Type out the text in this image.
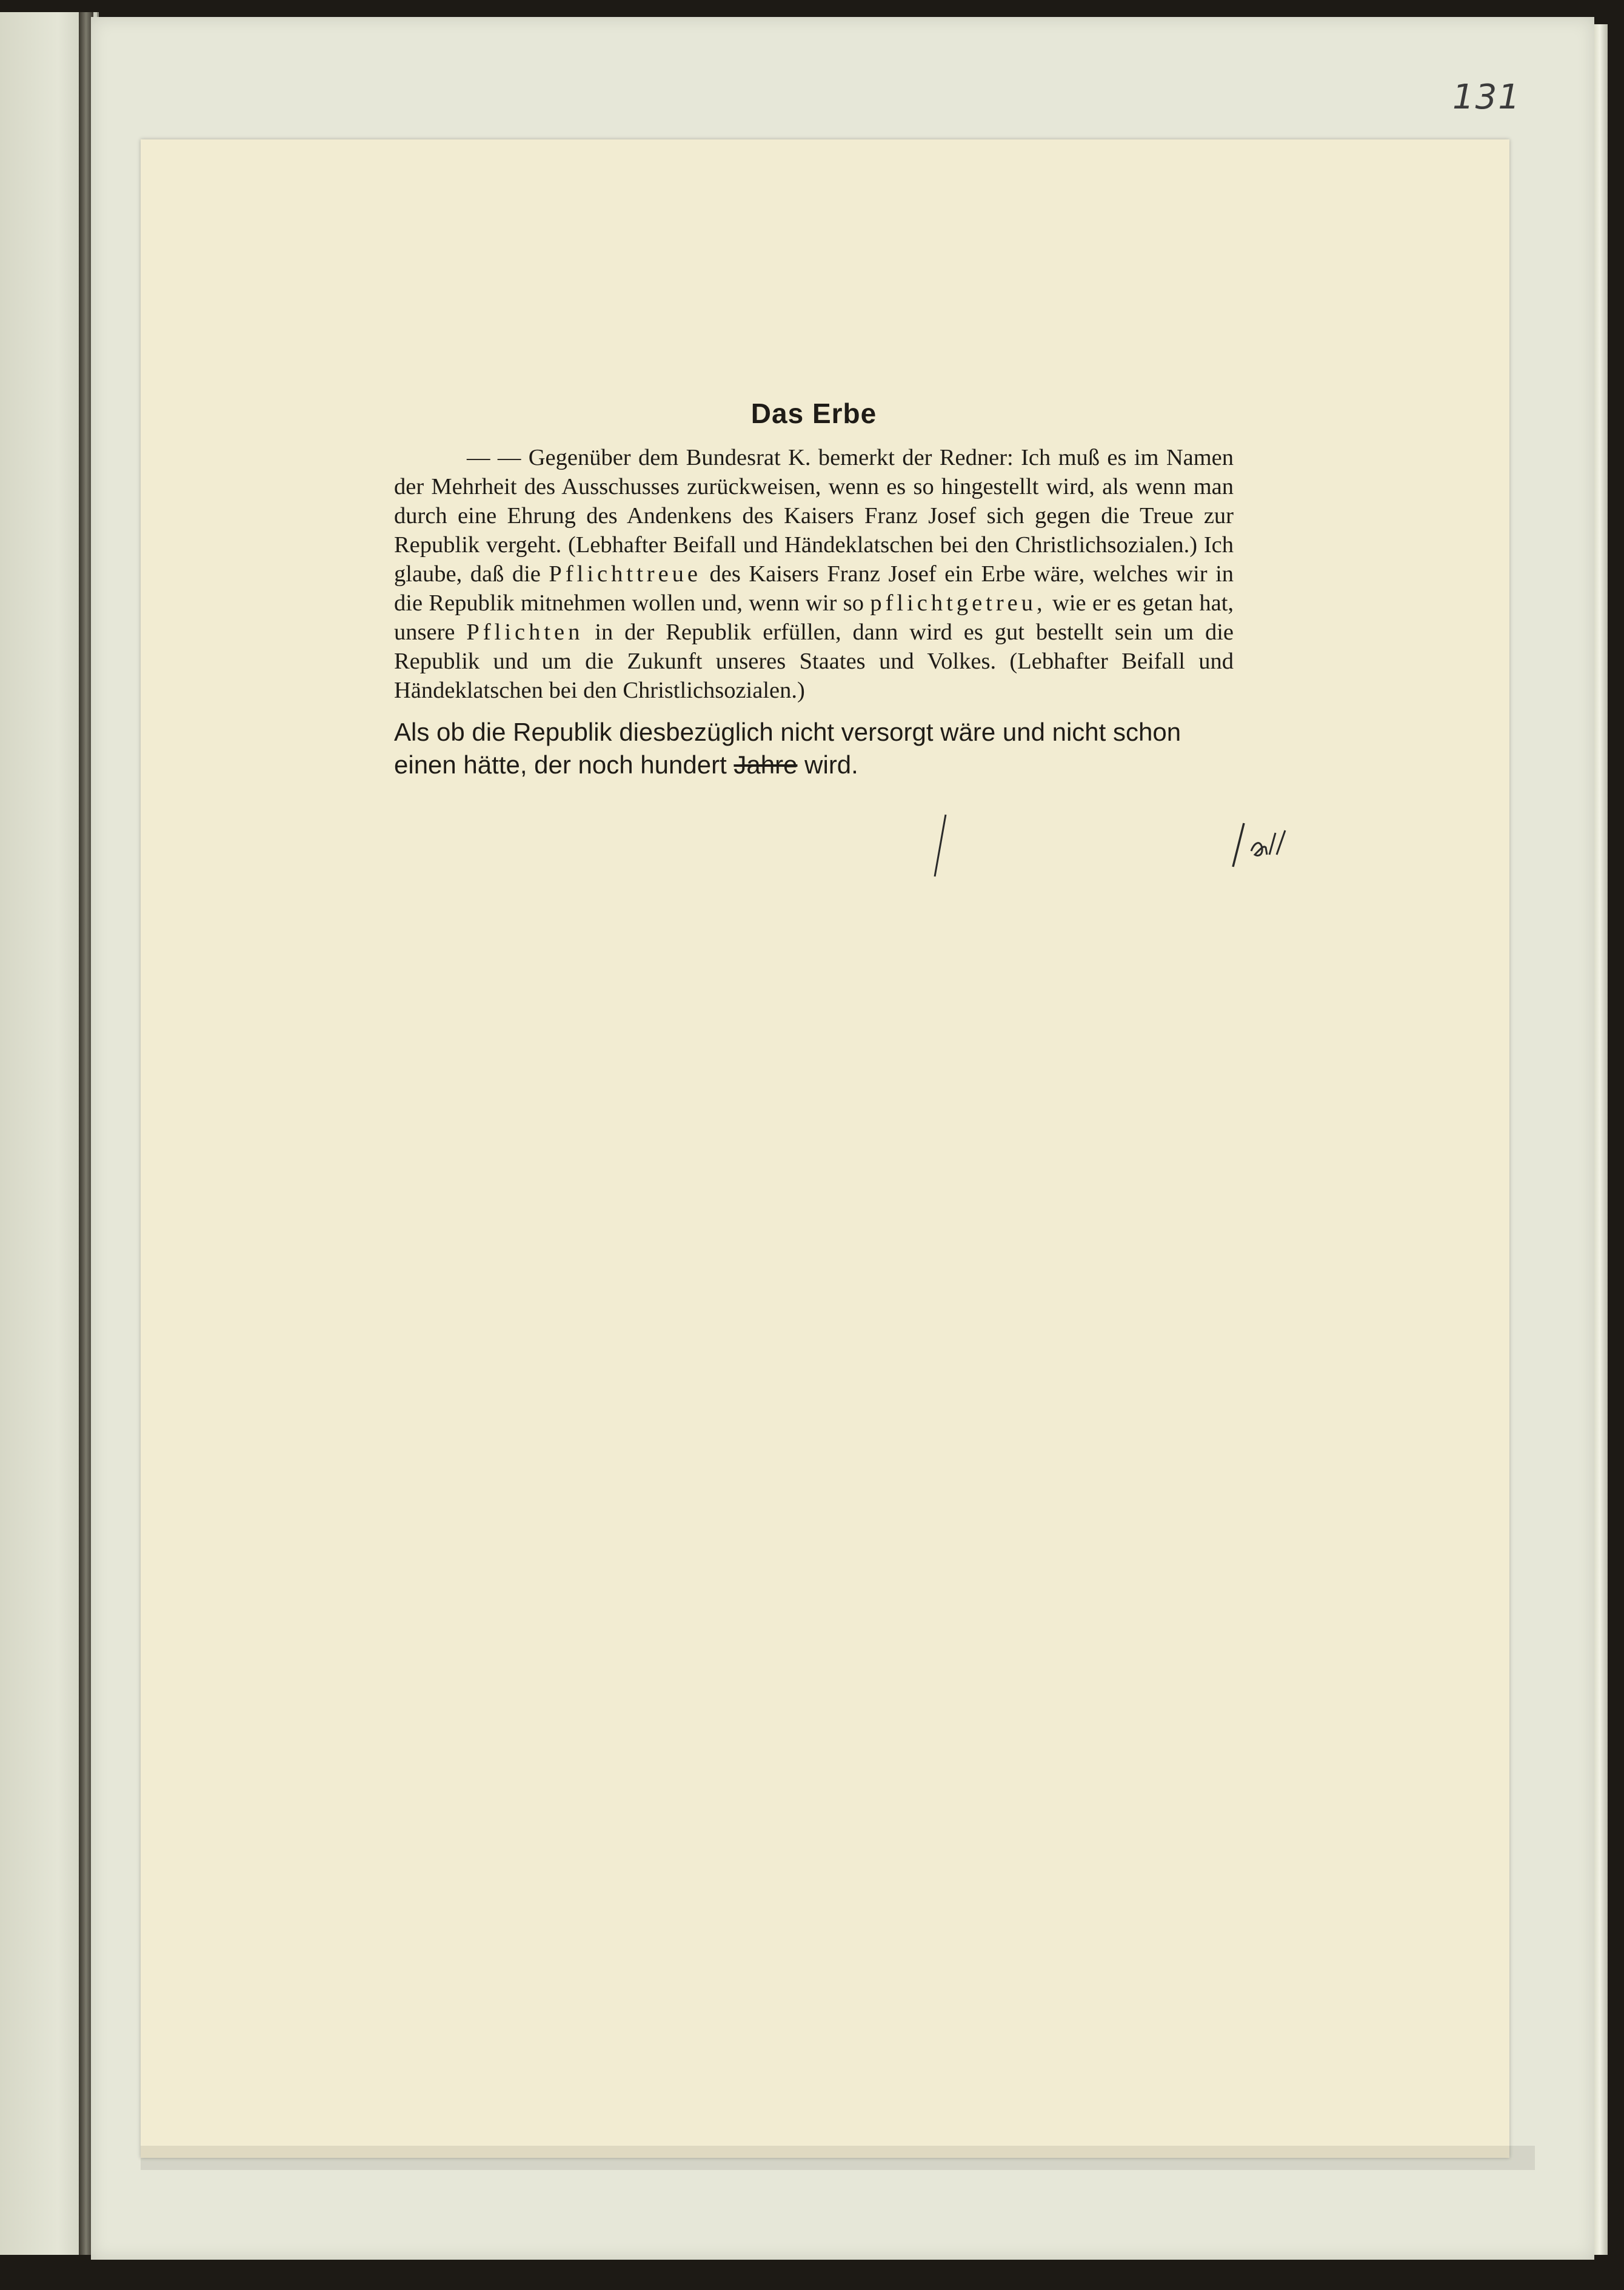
131
Das Erbe

— — Gegenüber dem Bundesrat K. bemerkt der Redner: Ich muß es im Namen der Mehrheit des Ausschusses zurückweisen, wenn es so hingestellt wird, als wenn man durch eine Ehrung des Andenkens des Kaisers Franz Josef sich gegen die Treue zur Republik vergeht. (Lebhafter Beifall und Händeklatschen bei den Christlichsozialen.) Ich glaube, daß die Pflichttreue des Kaisers Franz Josef ein Erbe wäre, welches wir in die Republik mitnehmen wollen und, wenn wir so pflichtgetreu, wie er es getan hat, unsere Pflichten in der Republik erfüllen, dann wird es gut bestellt sein um die Republik und um die Zukunft unseres Staates und Volkes. (Lebhafter Beifall und Händeklatschen bei den Christlichsozialen.)

Als ob die Republik diesbezüglich nicht versorgt wäre und nicht schon einen hätte, der noch hundert Jahre wird.
